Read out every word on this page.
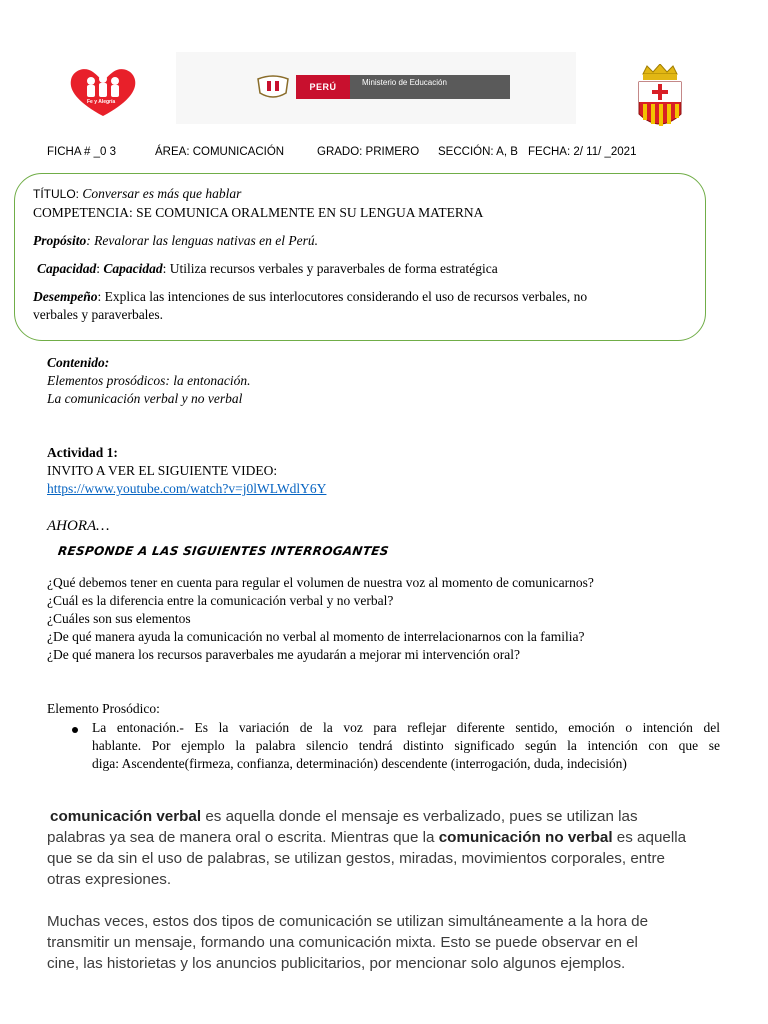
Fe y Alegría
PERÚ	Ministerio de Educación
FICHA # _0 3	ÁREA: COMUNICACIÓN	GRADO: PRIMERO SECCIÓN: A, B FECHA: 2/ 11/ _2021
TÍTULO: Conversar es más que hablar
COMPETENCIA: SE COMUNICA ORALMENTE EN SU LENGUA MATERNA
Propósito: Revalorar las lenguas nativas en el Perú.
Capacidad: Capacidad: Utiliza recursos verbales y paraverbales de forma estratégica
Desempeño: Explica las intenciones de sus interlocutores considerando el uso de recursos verbales, no
verbales y paraverbales.
Contenido:
Elementos prosódicos: la entonación.
La comunicación verbal y no verbal
Actividad 1:
INVITO A VER EL SIGUIENTE VIDEO:
https://www.youtube.com/watch?v=j0lWLWdlY6Y
AHORA…
RESPONDE A LAS SIGUIENTES INTERROGANTES
¿Qué debemos tener en cuenta para regular el volumen de nuestra voz al momento de comunicarnos?
¿Cuál es la diferencia entre la comunicación verbal y no verbal?
¿Cuáles son sus elementos
¿De qué manera ayuda la comunicación no verbal al momento de interrelacionarnos con la familia?
¿De qué manera los recursos paraverbales me ayudarán a mejorar mi intervención oral?
Elemento Prosódico:
La entonación.- Es la variación de la voz para reflejar diferente sentido, emoción o intención del
hablante. Por ejemplo la palabra silencio tendrá distinto significado según la intención con que se
diga: Ascendente(firmeza, confianza, determinación) descendente (interrogación, duda, indecisión)
comunicación verbal es aquella donde el mensaje es verbalizado, pues se utilizan las
palabras ya sea de manera oral o escrita. Mientras que la comunicación no verbal es aquella
que se da sin el uso de palabras, se utilizan gestos, miradas, movimientos corporales, entre
otras expresiones.
Muchas veces, estos dos tipos de comunicación se utilizan simultáneamente a la hora de
transmitir un mensaje, formando una comunicación mixta. Esto se puede observar en el
cine, las historietas y los anuncios publicitarios, por mencionar solo algunos ejemplos.
